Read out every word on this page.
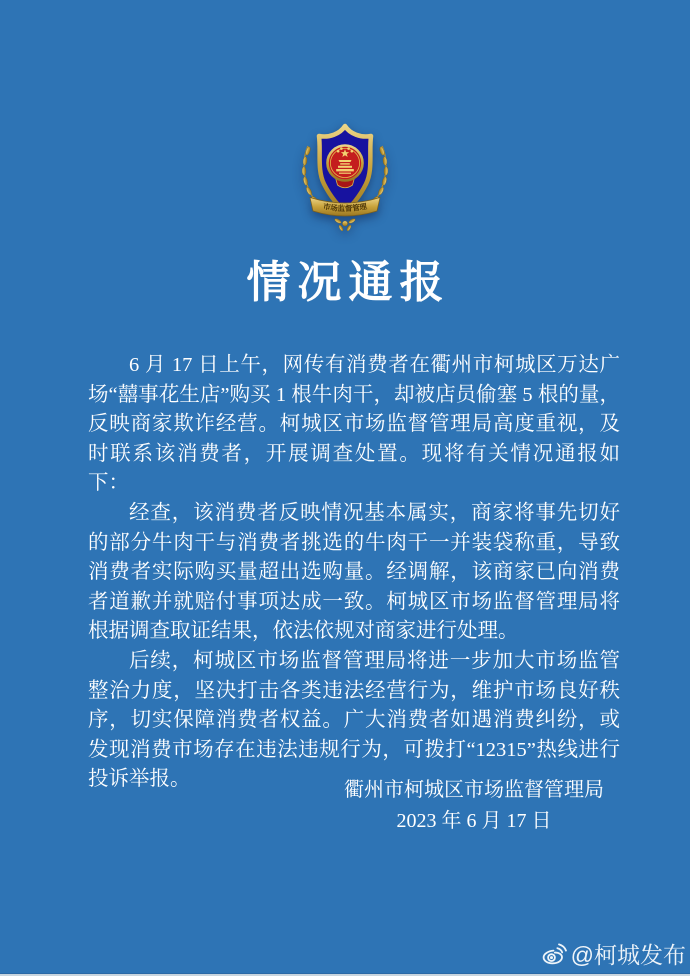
市场监督管理
情况通报

6 月 17 日上午，网传有消费者在衢州市柯城区万达广场“囍事花生店”购买 1 根牛肉干，却被店员偷塞 5 根的量，反映商家欺诈经营。柯城区市场监督管理局高度重视，及时联系该消费者，开展调查处置。现将有关情况通报如下：

经查，该消费者反映情况基本属实，商家将事先切好的部分牛肉干与消费者挑选的牛肉干一并装袋称重，导致消费者实际购买量超出选购量。经调解，该商家已向消费者道歉并就赔付事项达成一致。柯城区市场监督管理局将根据调查取证结果，依法依规对商家进行处理。

后续，柯城区市场监督管理局将进一步加大市场监管整治力度，坚决打击各类违法经营行为，维护市场良好秩序，切实保障消费者权益。广大消费者如遇消费纠纷，或发现消费市场存在违法违规行为，可拨打“12315”热线进行投诉举报。	衢州市柯城区市场监督管理局
2023 年 6 月 17 日
@柯城发布
